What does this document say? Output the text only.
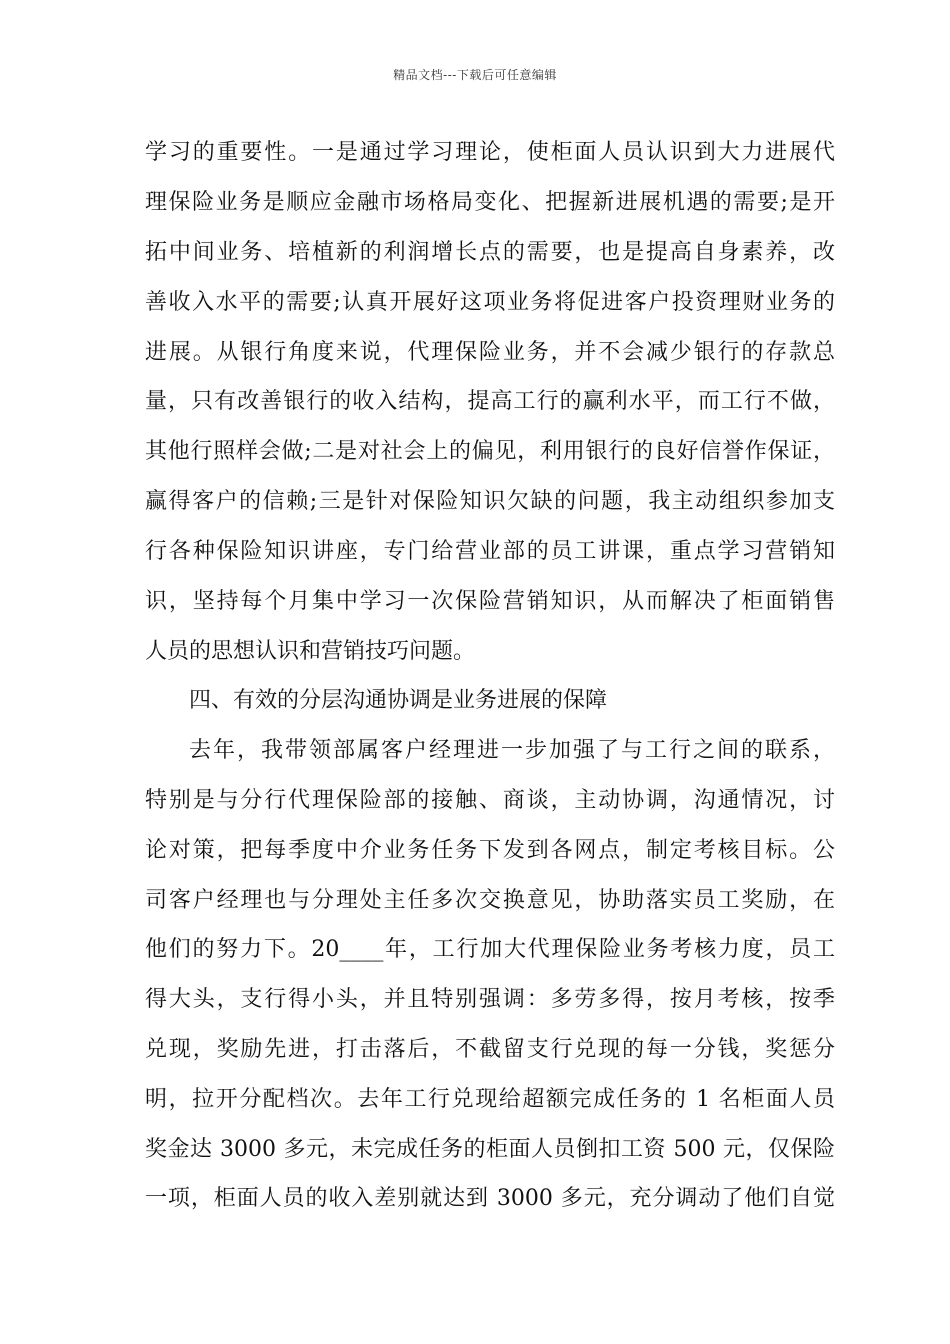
精品文档---下载后可任意编辑
学习的重要性。一是通过学习理论，使柜面人员认识到大力进展代
理保险业务是顺应金融市场格局变化、把握新进展机遇的需要;是开
拓中间业务、培植新的利润增长点的需要，也是提高自身素养，改
善收入水平的需要;认真开展好这项业务将促进客户投资理财业务的
进展。从银行角度来说，代理保险业务，并不会减少银行的存款总
量，只有改善银行的收入结构，提高工行的赢利水平，而工行不做，
其他行照样会做;二是对社会上的偏见，利用银行的良好信誉作保证，
赢得客户的信赖;三是针对保险知识欠缺的问题，我主动组织参加支
行各种保险知识讲座，专门给营业部的员工讲课，重点学习营销知
识，坚持每个月集中学习一次保险营销知识，从而解决了柜面销售
人员的思想认识和营销技巧问题。
四、有效的分层沟通协调是业务进展的保障
去年，我带领部属客户经理进一步加强了与工行之间的联系，
特别是与分行代理保险部的接触、商谈，主动协调，沟通情况，讨
论对策，把每季度中介业务任务下发到各网点，制定考核目标。公
司客户经理也与分理处主任多次交换意见，协助落实员工奖励，在
他们的努力下。20____年，工行加大代理保险业务考核力度，员工
得大头，支行得小头，并且特别强调：多劳多得，按月考核，按季
兑现，奖励先进，打击落后，不截留支行兑现的每一分钱，奖惩分
明，拉开分配档次。去年工行兑现给超额完成任务的 1 名柜面人员
奖金达 3000 多元，未完成任务的柜面人员倒扣工资 500 元，仅保险
一项，柜面人员的收入差别就达到 3000 多元，充分调动了他们自觉
